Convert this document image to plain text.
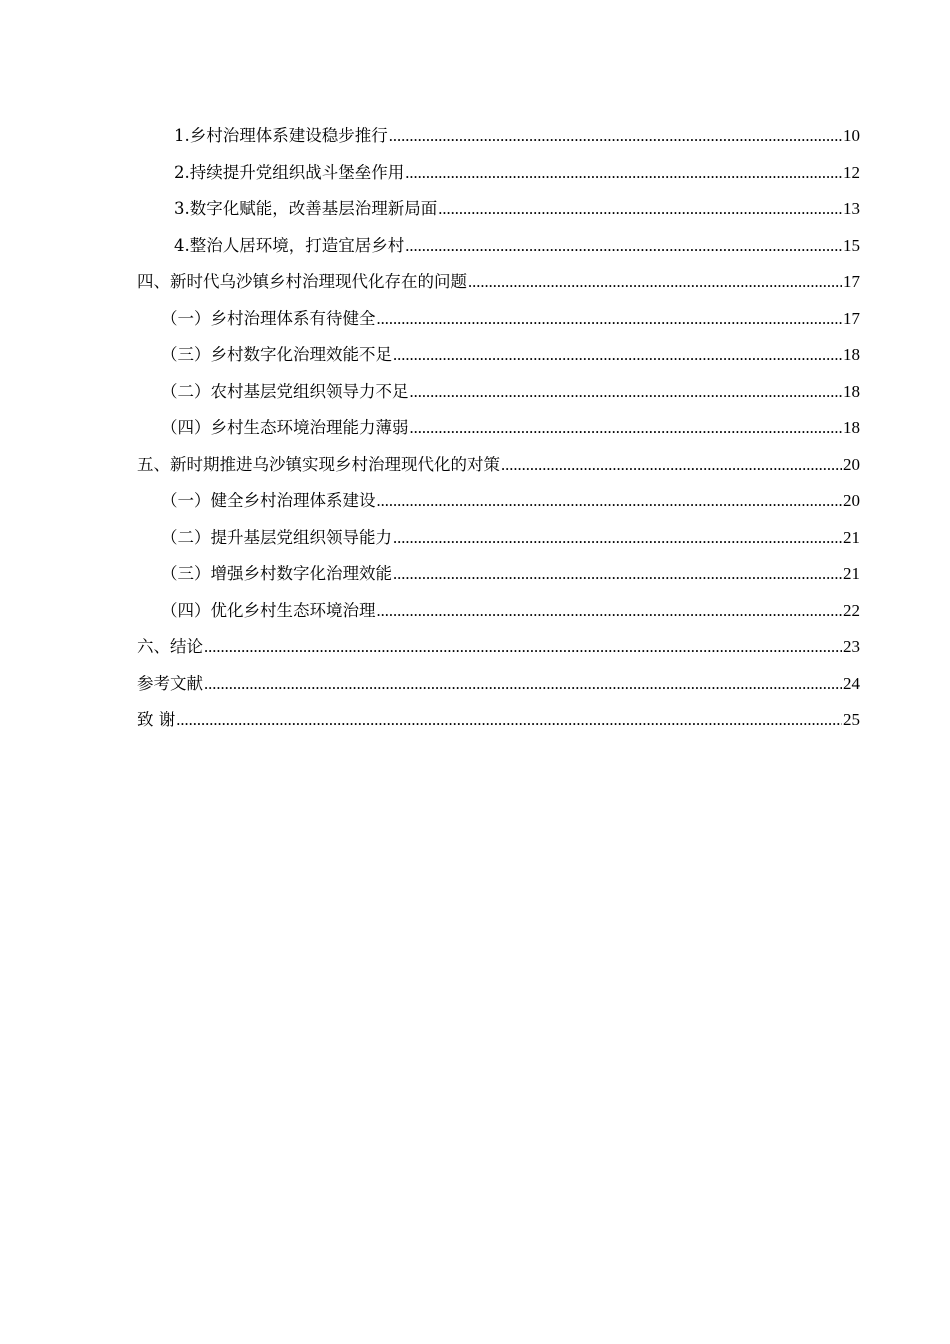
1.乡村治理体系建设稳步推行 .....	10
2.持续提升党组织战斗堡垒作用 .....	12
3.数字化赋能，改善基层治理新局面 .....	13
4.整治人居环境，打造宜居乡村 .....	15
四、新时代乌沙镇乡村治理现代化存在的问题 .....	17
（一）乡村治理体系有待健全 .....	17
（三）乡村数字化治理效能不足 .....	18
（二）农村基层党组织领导力不足 .....	18
（四）乡村生态环境治理能力薄弱 .....	18
五、新时期推进乌沙镇实现乡村治理现代化的对策 .....	20
（一）健全乡村治理体系建设 .....	20
（二）提升基层党组织领导能力 .....	21
（三）增强乡村数字化治理效能 .....	21
（四）优化乡村生态环境治理 .....	22
六、结论 .....	23
参考文献 .....	24
致 谢 .....	25
